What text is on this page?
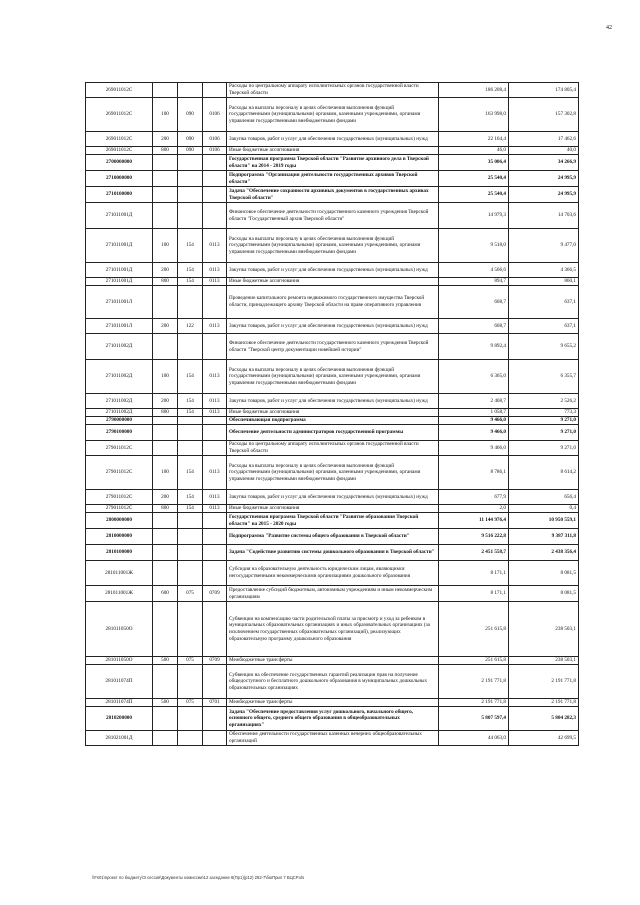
42
269011012С				Расходы по центральному аппарату исполнительных органов государственной власти Тверской области	186 208,4	174 805,4
269011012С	100	090	0106	Расходы на выплаты персоналу в целях обеспечения выполнения функций государственными (муниципальными) органами, казенными учреждениями, органами управления государственными внебюджетными фондами	163 998,0	157 302,8
269011012С	200	090	0106	Закупка товаров, работ и услуг для обеспечения государственных (муниципальных) нужд	22 164,4	17 462,6
269011012С	800	090	0106	Иные бюджетные ассигнования	46,0	40,0
2700000000				Государственная программа Тверской области "Развитие архивного дела в Тверской области" на 2014 - 2019 годы	35 006,4	34 266,9
2710000000				Подпрограмма "Организация деятельности государственных архивов Тверской области"	25 540,4	24 995,9
2710100000				Задача "Обеспечение сохранности архивных документов в государственных архивах Тверской области"	25 540,4	24 995,9
271011001Д				Финансовое обеспечение деятельности государственного казенного учреждения Тверской области "Государственный архив Тверской области"	14 979,3	14 703,6
271011001Д	100	154	0113	Расходы на выплаты персоналу в целях обеспечения выполнения функций государственными (муниципальными) органами, казенными учреждениями, органами управления государственными внебюджетными фондами	9 518,0	9 477,0
271011001Д	200	154	0113	Закупка товаров, работ и услуг для обеспечения государственных (муниципальных) нужд	4 566,6	4 366,5
271011001Д	800	154	0113	Иные бюджетные ассигнования	894,7	860,1
271011001Л				Проведение капитального ремонта недвижимого государственного имущества Тверской области, принадлежащего архиву Тверской области на праве оперативного управления	668,7	637,1
271011001Л	200	122	0113	Закупка товаров, работ и услуг для обеспечения государственных (муниципальных) нужд	668,7	637,1
271011002Д				Финансовое обеспечение деятельности государственного казенного учреждения Тверской области "Тверской центр документации новейшей истории"	9 892,4	9 655,2
271011002Д	100	154	0113	Расходы на выплаты персоналу в целях обеспечения выполнения функций государственными (муниципальными) органами, казенными учреждениями, органами управления государственными внебюджетными фондами	6 365,0	6 355,7
271011002Д	200	154	0113	Закупка товаров, работ и услуг для обеспечения государственных (муниципальных) нужд	2 468,7	2 526,2
271011002Д	800	154	0113	Иные бюджетные ассигнования	1 058,7	773,3
2790000000				Обеспечивающая подпрограмма	9 466,0	9 271,0
2790100000				Обеспечение деятельности администраторов государственной программы	9 466,0	9 271,0
279011012С				Расходы по центральному аппарату исполнительных органов государственной власти Тверской области	9 466,0	9 271,0
279011012С	100	154	0113	Расходы на выплаты персоналу в целях обеспечения выполнения функций государственными (муниципальными) органами, казенными учреждениями, органами управления государственными внебюджетными фондами	8 786,1	8 614,2
279011012С	200	154	0113	Закупка товаров, работ и услуг для обеспечения государственных (муниципальных) нужд	677,9	656,4
279011012С	800	154	0113	Иные бюджетные ассигнования	2,0	0,4
2800000000				Государственная программа Тверской области "Развитие образования Тверской области" на 2015 - 2020 годы	11 144 976,4	10 950 559,1
2810000000				Подпрограмма "Развитие системы общего образования в Тверской области"	9 516 222,8	9 387 311,8
2810100000				Задача "Содействие развитию системы дошкольного образования в Тверской области"	2 451 558,7	2 438 356,4
281011001Ж				Субсидия на образовательную деятельность юридическим лицам, являющимся негосударственными некоммерческими организациями дошкольного образования	8 171,1	8 081,5
281011001Ж	600	075	0709	Предоставление субсидий бюджетным, автономным учреждениям и иным некоммерческим организациям	8 171,1	8 081,5
281011050О				Субвенции на компенсацию части родительской платы за присмотр и уход за ребенком в муниципальных образовательных организациях и иных образовательных организациях (за исключением государственных образовательных организаций), реализующих образовательную программу дошкольного образования	251 615,8	238 503,1
281011050О	500	075	0709	Межбюджетные трансферты	251 615,8	238 503,1
281011074П				Субвенции на обеспечение государственных гарантий реализации прав на получение общедоступного и бесплатного дошкольного образования в муниципальных дошкольных образовательных организациях	2 191 771,8	2 191 771,8
281011074П	500	075	0701	Межбюджетные трансферты	2 191 771,8	2 191 771,8
2810200000				Задача "Обеспечение предоставления услуг дошкольного, начального общего, основного общего, среднего общего образования в общеобразовательных организациях"	5 807 597,4	5 804 282,3
281021001Д				Обеспечение деятельности государственных казенных вечерних общеобразовательных организаций	44 063,0	42 699,5
\\Fs01\проект по бюджету\Э сессия\Документы комиссии\12 заседание 8(Пр1)(р12) 282-7\бюПрил 7 ВЦСР.xls
